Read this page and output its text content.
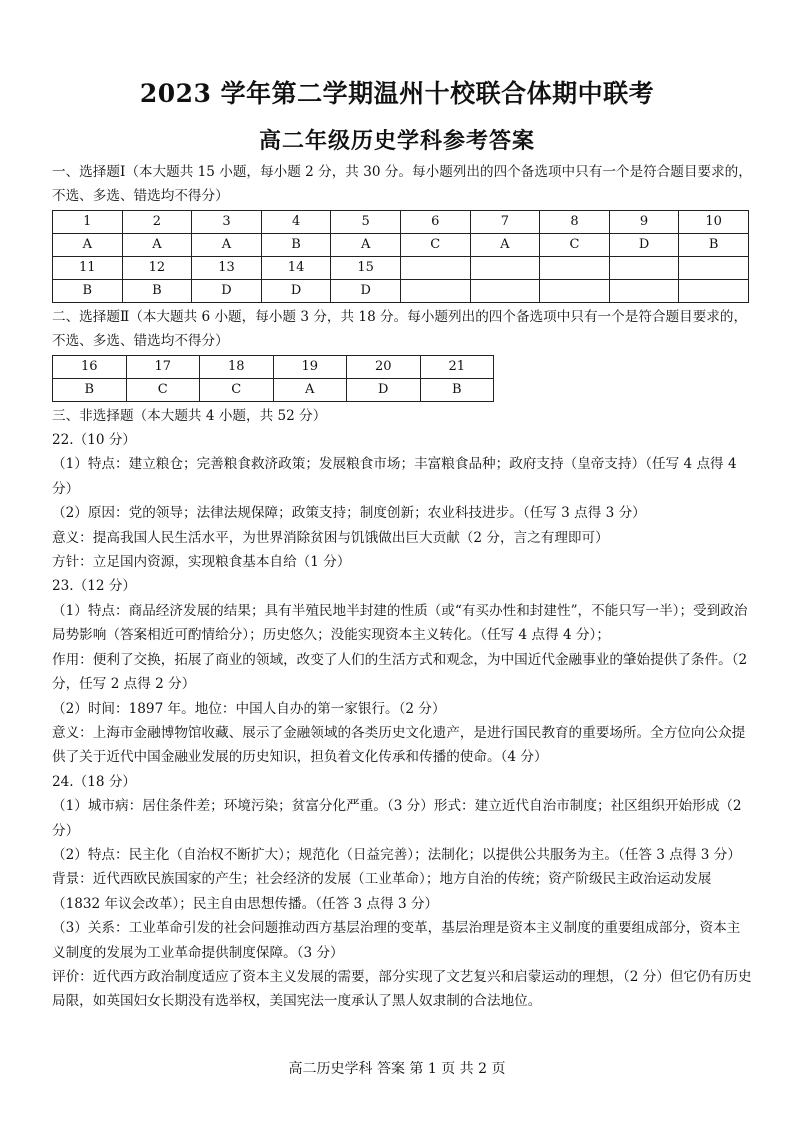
2023 学年第二学期温州十校联合体期中联考
高二年级历史学科参考答案

一、选择题Ⅰ（本大题共 15 小题，每小题 2 分，共 30 分。每小题列出的四个备选项中只有一个是符合题目要求的，不选、多选、错选均不得分）

1	2	3	4	5	6	7	8	9	10
A	A	A	B	A	C	A	C	D	B
11	12	13	14	15					
B	B	D	D	D					

二、选择题Ⅱ（本大题共 6 小题，每小题 3 分，共 18 分。每小题列出的四个备选项中只有一个是符合题目要求的，不选、多选、错选均不得分）

16	17	18	19	20	21
B	C	C	A	D	B

三、非选择题（本大题共 4 小题，共 52 分）

22.（10 分）

（1）特点：建立粮仓；完善粮食救济政策；发展粮食市场；丰富粮食品种；政府支持（皇帝支持）（任写 4 点得 4 分）

（2）原因：党的领导；法律法规保障；政策支持；制度创新；农业科技进步。（任写 3 点得 3 分）

意义：提高我国人民生活水平，为世界消除贫困与饥饿做出巨大贡献（2 分，言之有理即可）

方针：立足国内资源，实现粮食基本自给（1 分）

23.（12 分）

（1）特点：商品经济发展的结果；具有半殖民地半封建的性质（或“有买办性和封建性”，不能只写一半）；受到政治局势影响（答案相近可酌情给分）；历史悠久；没能实现资本主义转化。（任写 4 点得 4 分）；

作用：便利了交换，拓展了商业的领域，改变了人们的生活方式和观念，为中国近代金融事业的肇始提供了条件。（2 分，任写 2 点得 2 分）

（2）时间：1897 年。地位：中国人自办的第一家银行。（2 分）

意义：上海市金融博物馆收藏、展示了金融领域的各类历史文化遗产，是进行国民教育的重要场所。全方位向公众提供了关于近代中国金融业发展的历史知识，担负着文化传承和传播的使命。（4 分）

24.（18 分）

（1）城市病：居住条件差；环境污染；贫富分化严重。（3 分）形式：建立近代自治市制度；社区组织开始形成（2 分）

（2）特点：民主化（自治权不断扩大）；规范化（日益完善）；法制化；以提供公共服务为主。（任答 3 点得 3 分）

背景：近代西欧民族国家的产生；社会经济的发展（工业革命）；地方自治的传统；资产阶级民主政治运动发展（1832 年议会改革）；民主自由思想传播。（任答 3 点得 3 分）

（3）关系：工业革命引发的社会问题推动西方基层治理的变革，基层治理是资本主义制度的重要组成部分，资本主义制度的发展为工业革命提供制度保障。（3 分）

评价：近代西方政治制度适应了资本主义发展的需要，部分实现了文艺复兴和启蒙运动的理想，（2 分）但它仍有历史局限，如英国妇女长期没有选举权，美国宪法一度承认了黑人奴隶制的合法地位。

高二历史学科 答案 第 1 页 共 2 页
